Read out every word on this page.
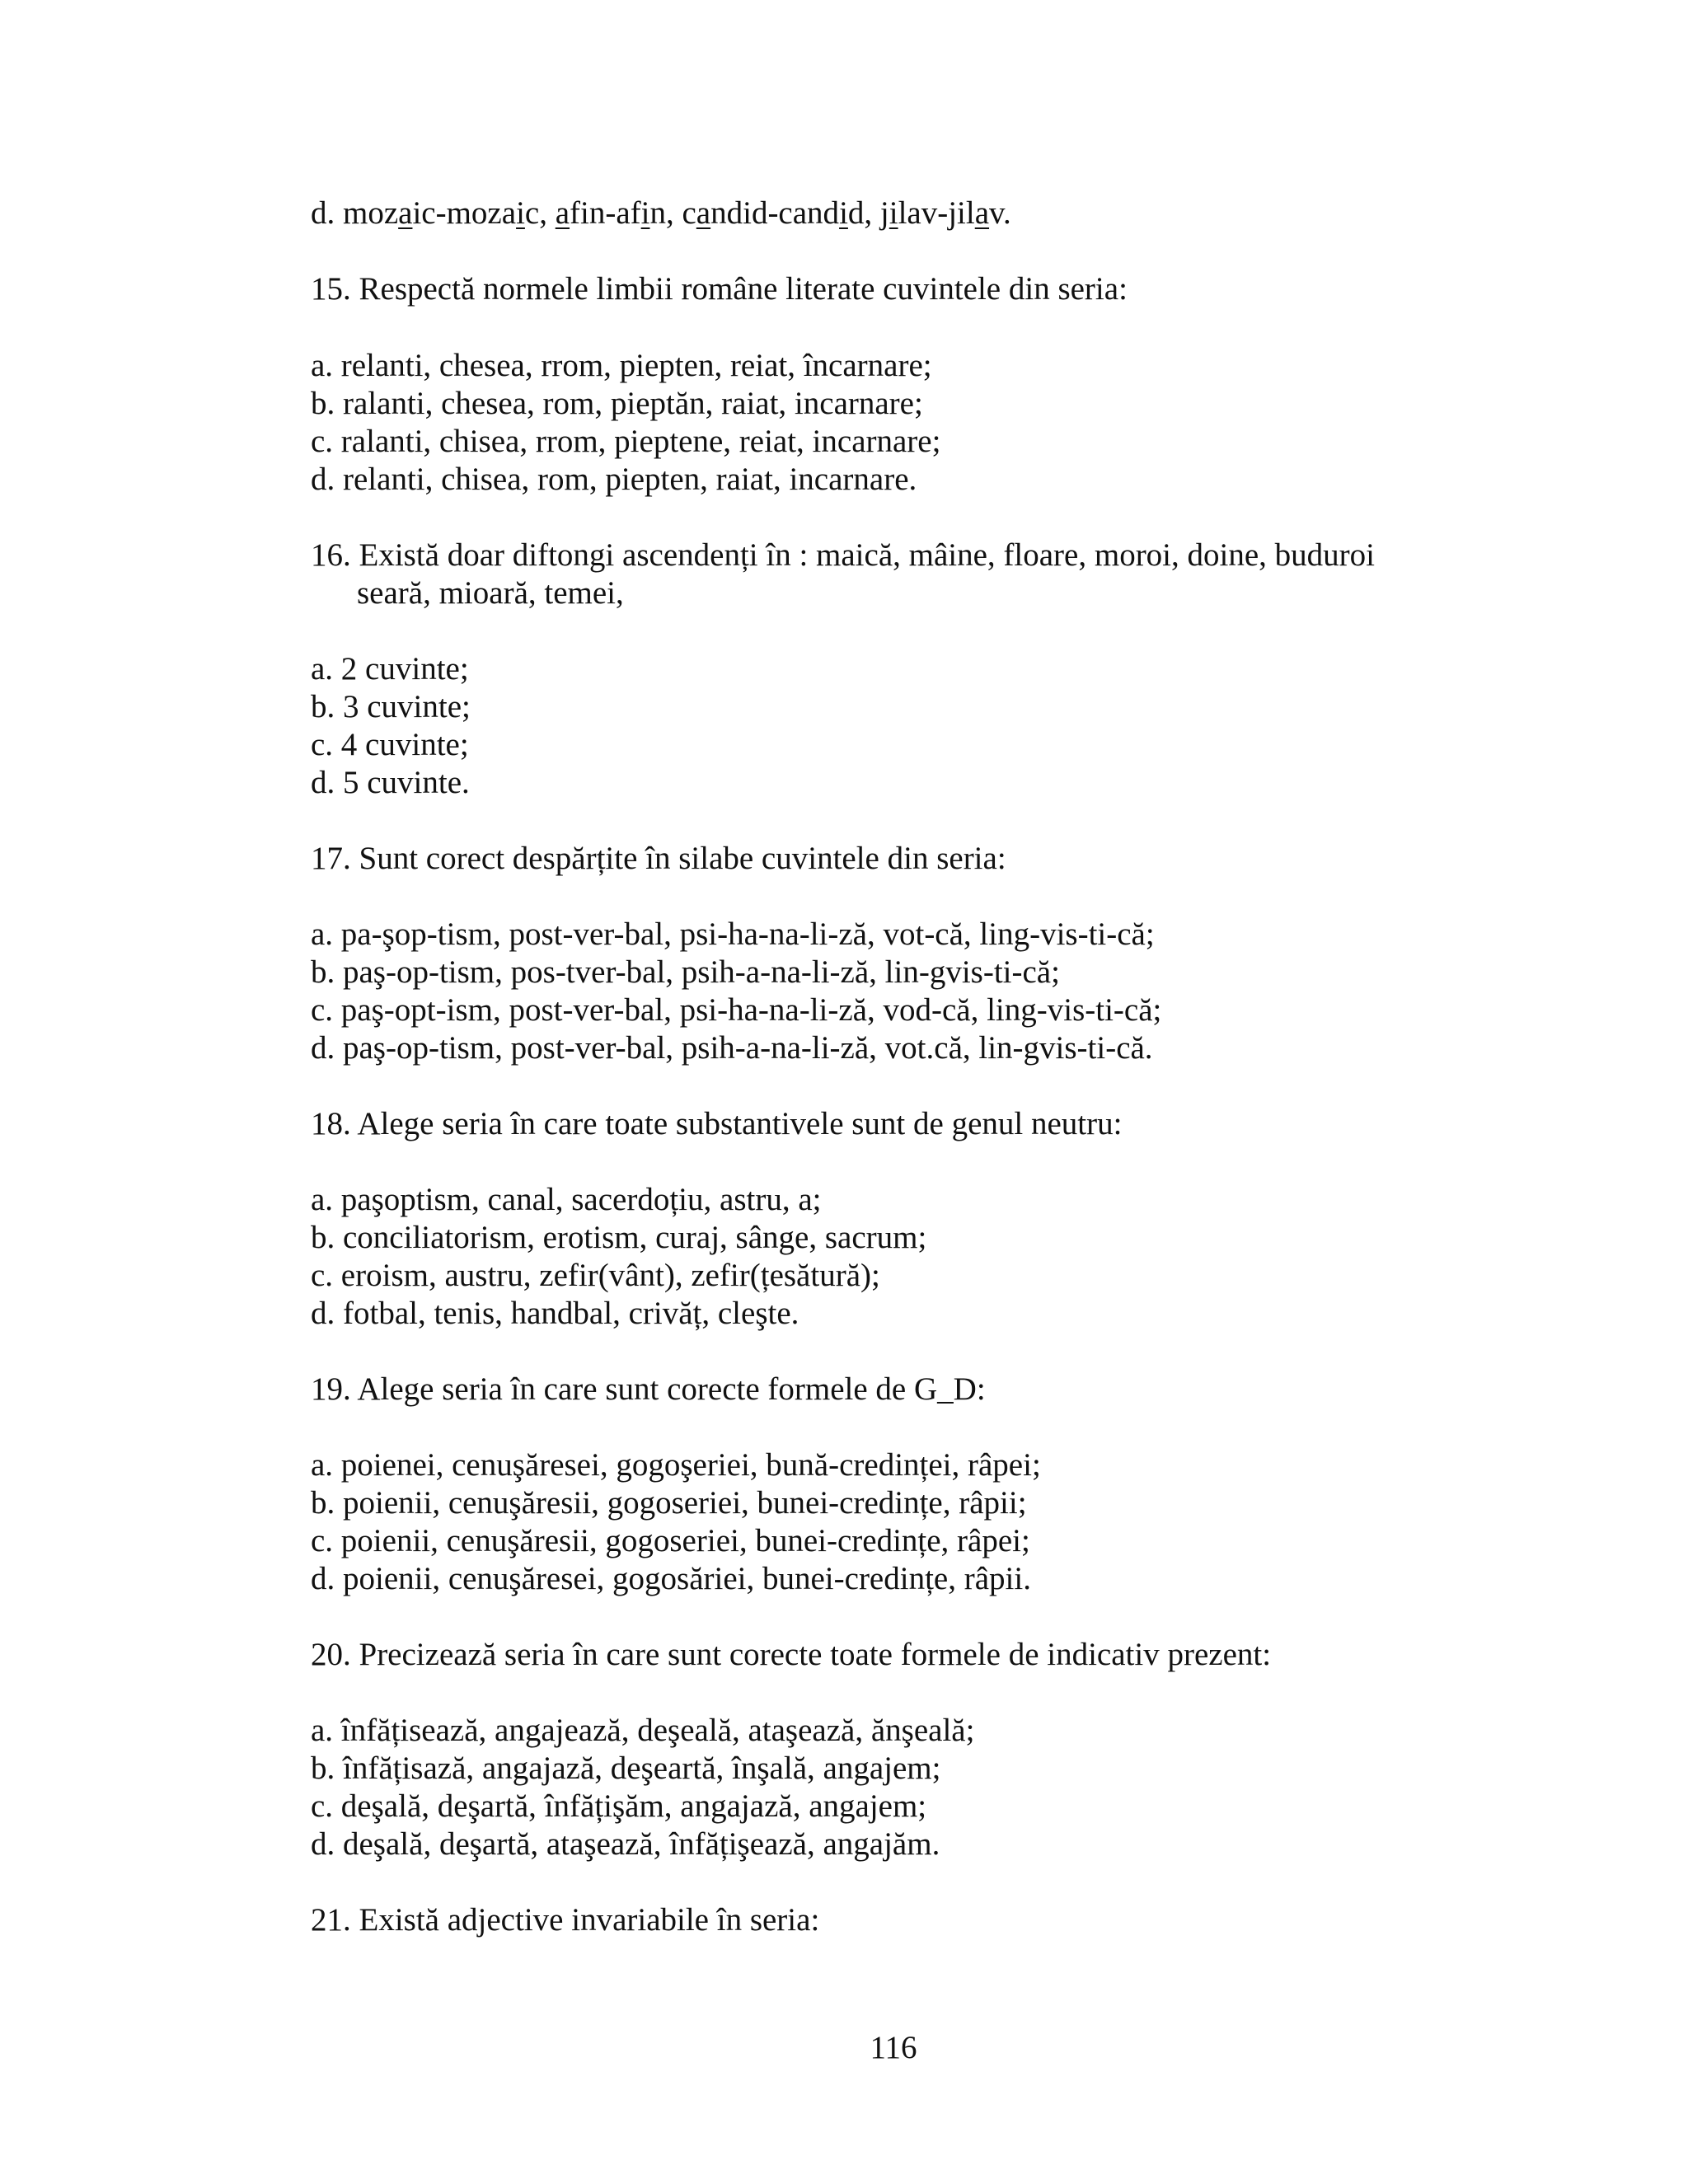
d. mozaic-mozaic, afin-afin, candid-candid, jilav-jilav.
15. Respectă normele limbii române literate cuvintele din seria:
a. relanti, chesea, rrom, piepten, reiat, încarnare;
b. ralanti, chesea, rom, pieptăn, raiat, incarnare;
c. ralanti, chisea, rrom, pieptene, reiat, incarnare;
d. relanti, chisea, rom, piepten, raiat, incarnare.
16. Există doar diftongi ascendenți în : maică, mâine, floare, moroi, doine, buduroi
seară, mioară, temei,
a. 2 cuvinte;
b. 3 cuvinte;
c. 4 cuvinte;
d. 5 cuvinte.
17. Sunt corect despărțite în silabe cuvintele din seria:
a. pa-şop-tism, post-ver-bal, psi-ha-na-li-ză, vot-că, ling-vis-ti-că;
b. paş-op-tism, pos-tver-bal, psih-a-na-li-ză, lin-gvis-ti-că;
c. paş-opt-ism, post-ver-bal, psi-ha-na-li-ză, vod-că, ling-vis-ti-că;
d. paş-op-tism, post-ver-bal, psih-a-na-li-ză, vot.că, lin-gvis-ti-că.
18. Alege seria în care toate substantivele sunt de genul neutru:
a. paşoptism, canal, sacerdoțiu, astru, a;
b. conciliatorism, erotism, curaj, sânge, sacrum;
c. eroism, austru, zefir(vânt), zefir(țesătură);
d. fotbal, tenis, handbal, crivăț, cleşte.
19. Alege seria în care sunt corecte formele de G_D:
a. poienei, cenuşăresei, gogoşeriei, bună-credinței, râpei;
b. poienii, cenuşăresii, gogoseriei, bunei-credințe, râpii;
c. poienii, cenuşăresii, gogoseriei, bunei-credințe, râpei;
d. poienii, cenuşăresei, gogosăriei, bunei-credințe, râpii.
20. Precizează seria în care sunt corecte toate formele de indicativ prezent:
a. înfățisează, angajează, deşeală, ataşează, ănşeală;
b. înfățisază, angajază, deşeartă, înşală, angajem;
c. deşală, deşartă, înfățişăm, angajază, angajem;
d. deşală, deşartă, ataşează, înfățişează, angajăm.
21. Există adjective invariabile în seria:
116
